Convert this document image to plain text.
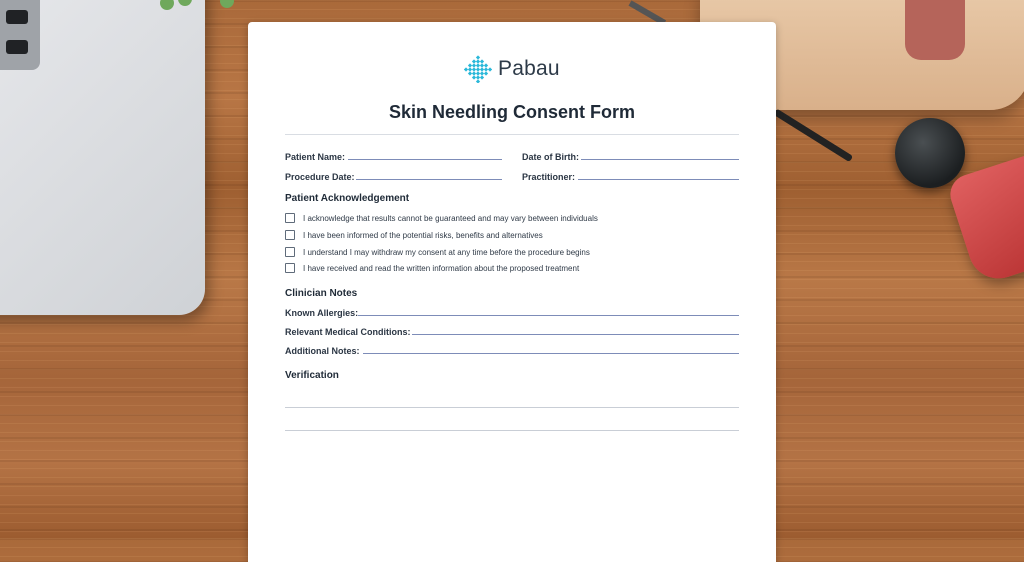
Pabau
Skin Needling Consent Form
Patient Name:	Date of Birth:
Procedure Date:	Practitioner:
Patient Acknowledgement
I acknowledge that results cannot be guaranteed and may vary between individuals
I have been informed of the potential risks, benefits and alternatives
I understand I may withdraw my consent at any time before the procedure begins
I have received and read the written information about the proposed treatment
Clinician Notes
Known Allergies:
Relevant Medical Conditions:
Additional Notes:
Verification
